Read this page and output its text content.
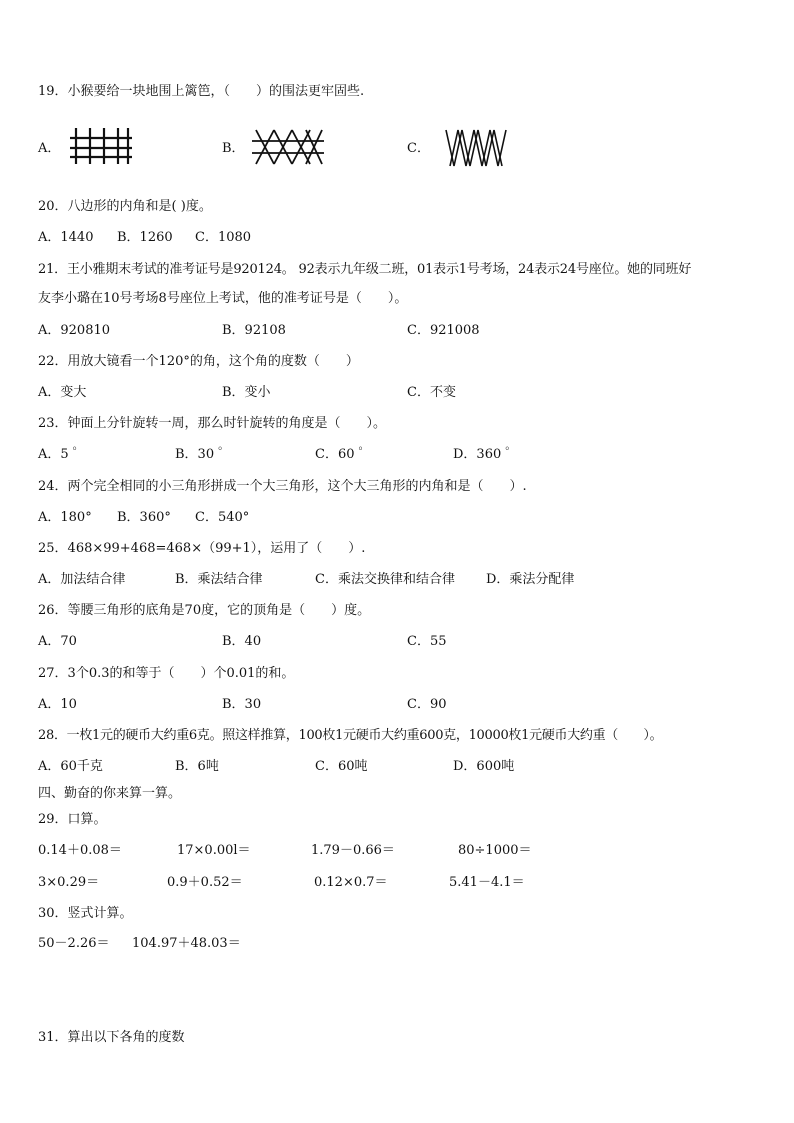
19．小猴要给一块地围上篱笆，（　　）的围法更牢固些.
A．	B．	C．
20．八边形的内角和是( )度。
A．1440 B．1260 C．1080
21．王小雅期末考试的准考证号是920124。 92表示九年级二班，01表示1号考场，24表示24号座位。她的同班好
友李小璐在10号考场8号座位上考试，他的准考证号是（　　）。
A．920810	B．92108	C．921008
22．用放大镜看一个120°的角，这个角的度数（　　）
A．变大	B．变小	C．不变
23．钟面上分针旋转一周，那么时针旋转的角度是（　　）。
A．5 ゜	B．30 ゜	C．60 ゜	D．360 ゜
24．两个完全相同的小三角形拼成一个大三角形，这个大三角形的内角和是（　　）.
A．180° B．360° C．540°
25．468×99+468=468×（99+1），运用了（　　）.
A．加法结合律	B．乘法结合律	C．乘法交换律和结合律 D．乘法分配律
26．等腰三角形的底角是70度，它的顶角是（　　）度。
A．70	B．40	C．55
27．3个0.3的和等于（　　）个0.01的和。
A．10	B．30	C．90
28．一枚1元的硬币大约重6克。照这样推算，100枚1元硬币大约重600克，10000枚1元硬币大约重（　　）。
A．60千克	B．6吨	C．60吨	D．600吨
四、勤奋的你来算一算。
29．口算。
0.14＋0.08＝	17×0.00l＝	1.79－0.66＝	80÷1000＝
3×0.29＝	0.9＋0.52＝	0.12×0.7＝	5.41－4.1＝
30．竖式计算。
50－2.26＝ 104.97＋48.03＝
31．算出以下各角的度数
